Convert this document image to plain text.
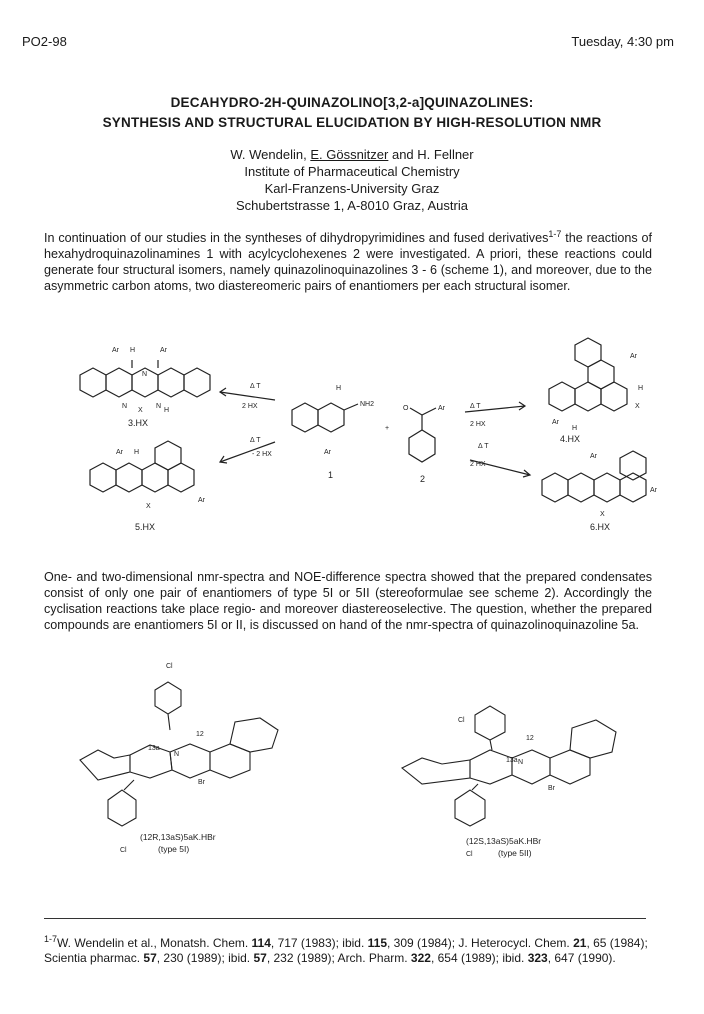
PO2-98	Tuesday, 4:30 pm
DECAHYDRO-2H-QUINAZOLINO[3,2-a]QUINAZOLINES:
SYNTHESIS AND STRUCTURAL ELUCIDATION BY HIGH-RESOLUTION NMR
W. Wendelin, E. Gössnitzer and H. Fellner
Institute of Pharmaceutical Chemistry
Karl-Franzens-University Graz
Schubertstrasse 1, A-8010 Graz, Austria
In continuation of our studies in the syntheses of dihydropyrimidines and fused derivatives$^{1-7}$ the reactions of hexahydroquinazolinamines 1 with acylcyclohexenes 2 were investigated. A priori, these reactions could generate four structural isomers, namely quinazolinoquinazolines 3 - 6 (scheme 1), and moreover, due to the asymmetric carbon atoms, two diastereomeric pairs of enantiomers per each structural isomer.
Ar H	Ar
N
N
X
N
H
3.HX
Ar H
Ar
X
5.HX
Δ T
2 HX
Δ T
- 2 HX
H
NH2
Ar
1
+
O	Ar
2
Δ T
2 HX
Δ T
2 HX
Ar
H
X
Ar
H
4.HX
Ar
Ar
X
6.HX
One- and two-dimensional nmr-spectra and NOE-difference spectra showed that the prepared condensates consist of only one pair of enantiomers of type 5I or 5II (stereoformulae see scheme 2). Accordingly the cyclisation reactions take place regio- and moreover diastereoselective. The question, whether the prepared compounds are enantiomers 5I or II, is discussed on hand of the nmr-spectra of quinazolinoquinazoline 5a.
Cl
12
13a
N
Br
Cl
(12R,13aS)5aK.HBr
(type 5I)
Cl
12
13a N
Br
Cl
(12S,13aS)5aK.HBr
(type 5II)
$^{1-7}$W. Wendelin et al., Monatsh. Chem. 114, 717 (1983); ibid. 115, 309 (1984); J. Heterocycl. Chem. 21, 65 (1984); Scientia pharmac. 57, 230 (1989); ibid. 57, 232 (1989); Arch. Pharm. 322, 654 (1989); ibid. 323, 647 (1990).
